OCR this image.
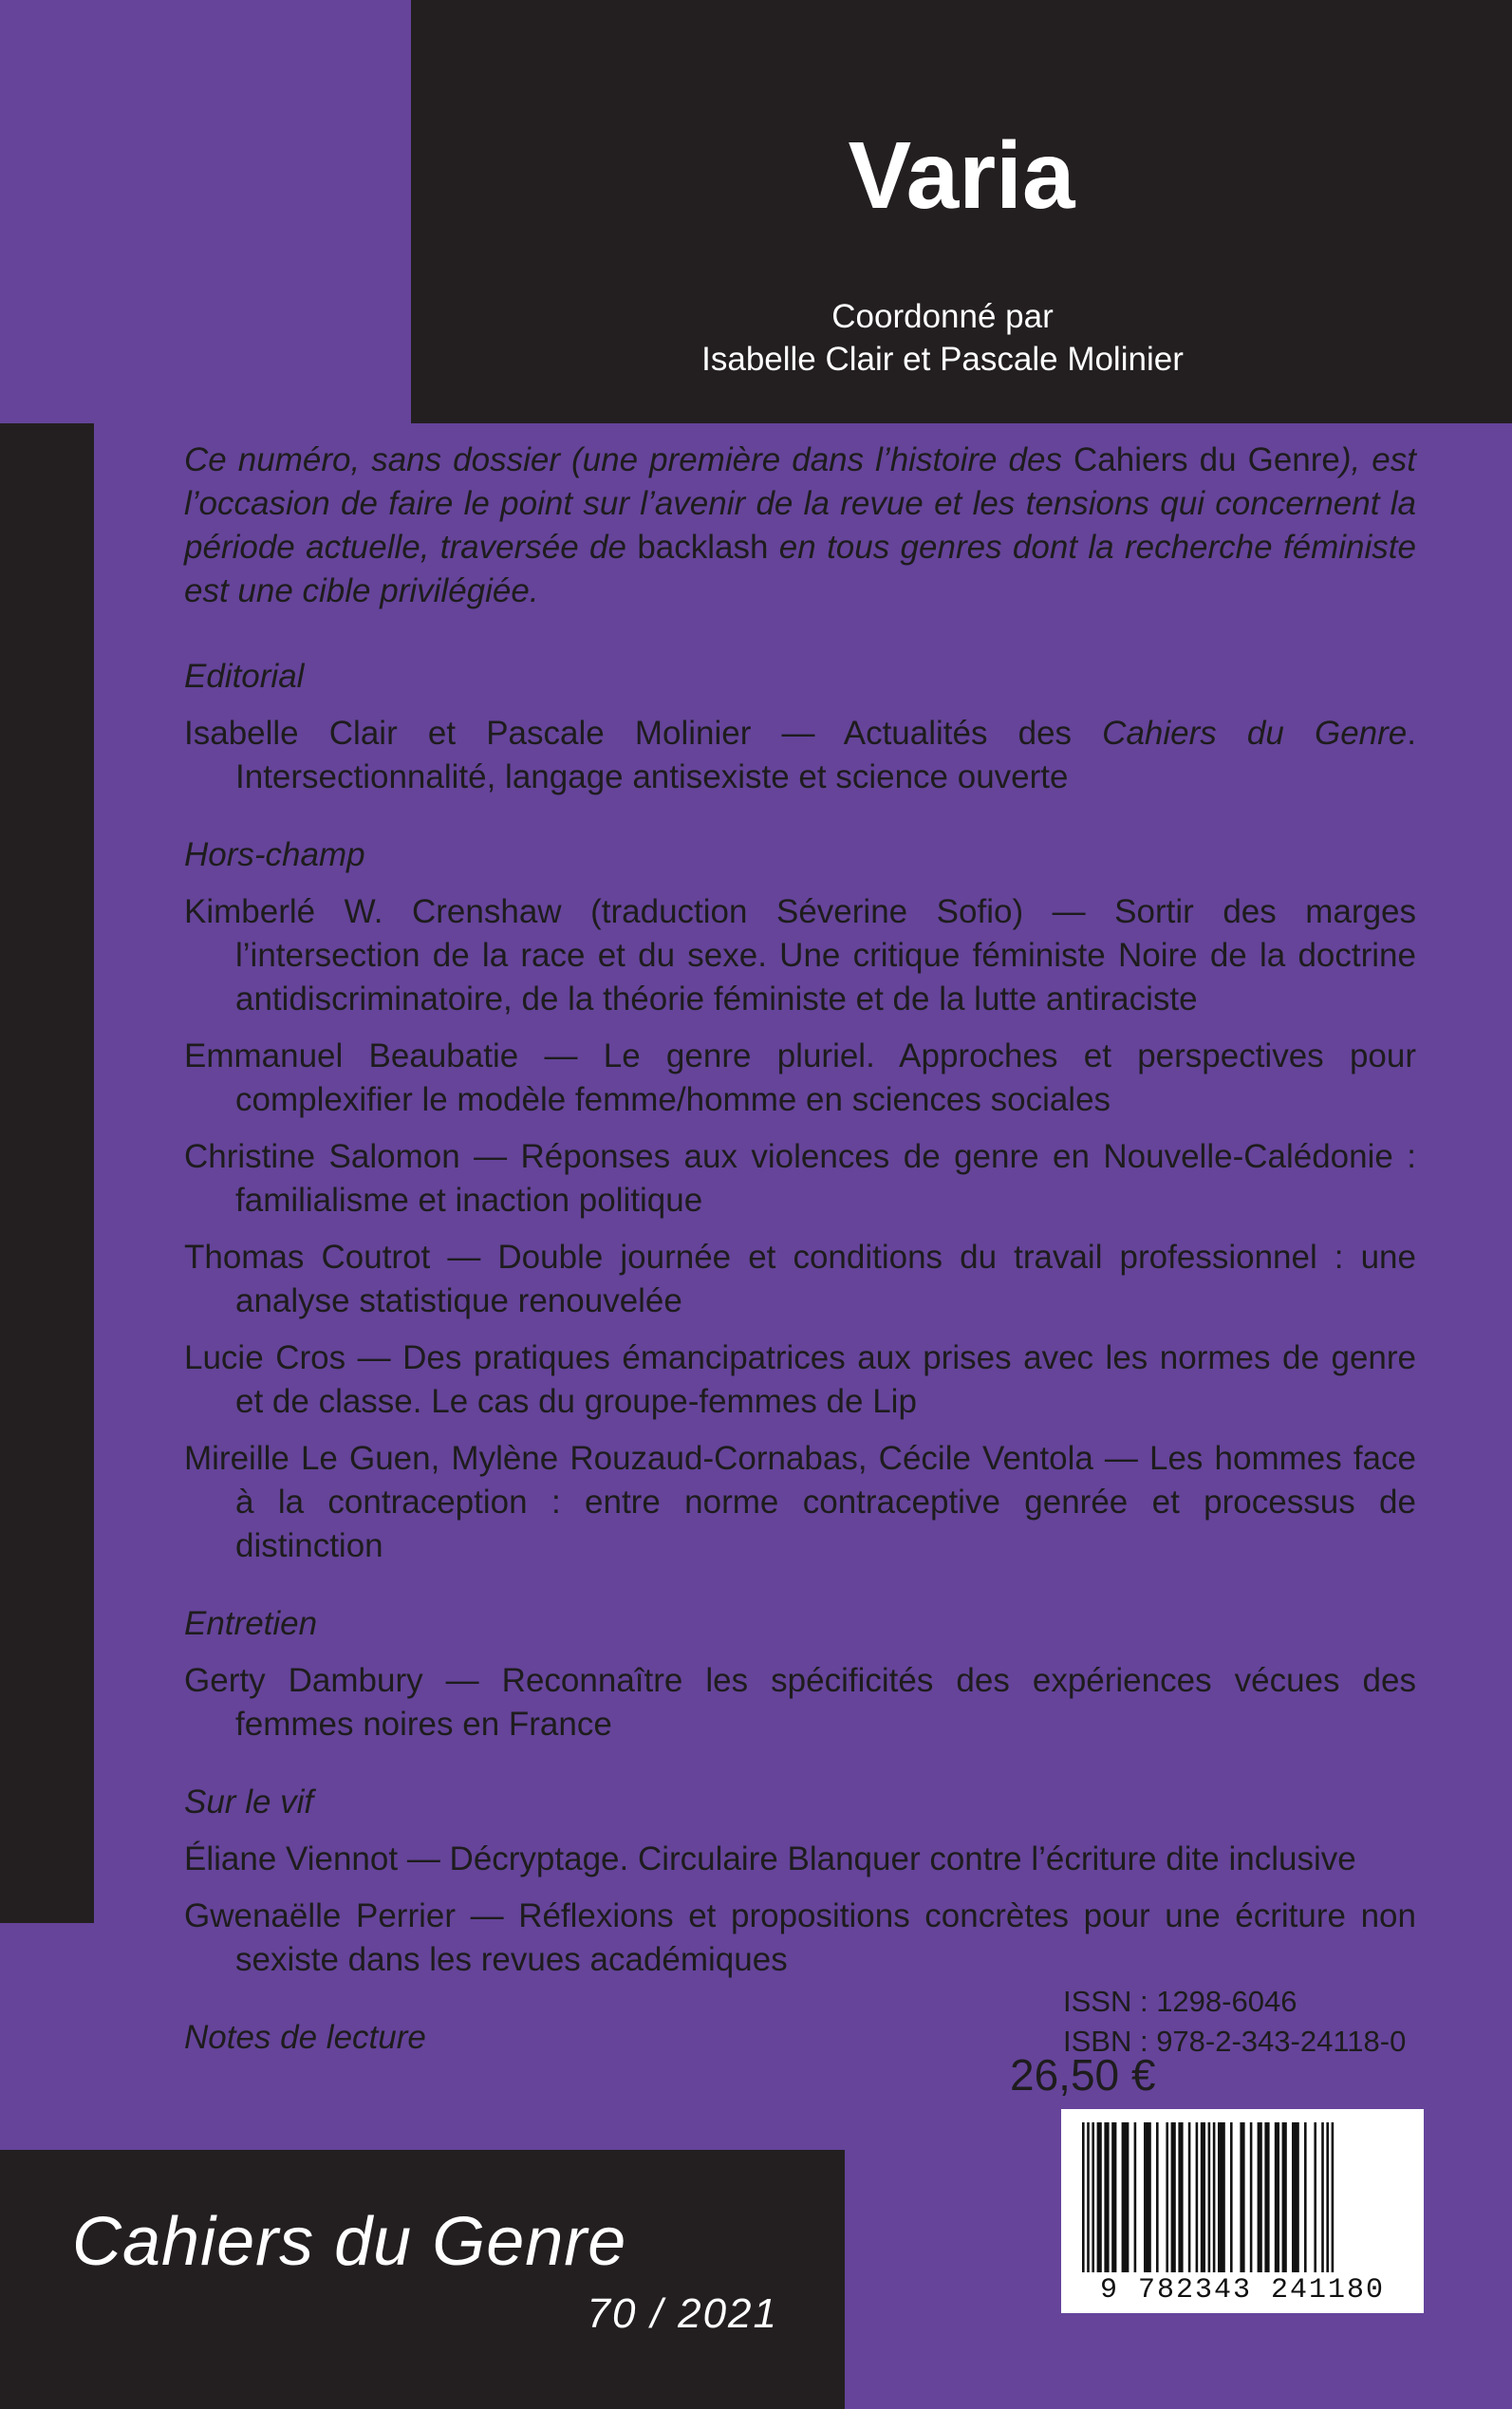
Varia
Coordonné par
Isabelle Clair et Pascale Molinier

Ce numéro, sans dossier (une première dans l’histoire des Cahiers du Genre), est l’occasion de faire le point sur l’avenir de la revue et les tensions qui concernent la période actuelle, traversée de backlash en tous genres dont la recherche féministe est une cible privilégiée.

Editorial
Isabelle Clair et Pascale Molinier — Actualités des Cahiers du Genre. Intersectionnalité, langage antisexiste et science ouverte
Hors-champ
Kimberlé W. Crenshaw (traduction Séverine Sofio) — Sortir des marges l’intersection de la race et du sexe. Une critique féministe Noire de la doctrine antidiscriminatoire, de la théorie féministe et de la lutte antiraciste
Emmanuel Beaubatie — Le genre pluriel. Approches et perspectives pour complexifier le modèle femme/homme en sciences sociales
Christine Salomon — Réponses aux violences de genre en Nouvelle-Calédonie : familialisme et inaction politique
Thomas Coutrot — Double journée et conditions du travail professionnel : une analyse statistique renouvelée
Lucie Cros — Des pratiques émancipatrices aux prises avec les normes de genre et de classe. Le cas du groupe-femmes de Lip
Mireille Le Guen, Mylène Rouzaud-Cornabas, Cécile Ventola — Les hommes face à la contraception : entre norme contraceptive genrée et processus de distinction
Entretien
Gerty Dambury — Reconnaître les spécificités des expériences vécues des femmes noires en France
Sur le vif
Éliane Viennot — Décryptage. Circulaire Blanquer contre l’écriture dite inclusive
Gwenaëlle Perrier — Réflexions et propositions concrètes pour une écriture non sexiste dans les revues académiques
Notes de lecture
ISSN : 1298-6046
ISBN : 978-2-343-24118-0
26,50 €
9 782343 241180
Cahiers du Genre
70 / 2021
